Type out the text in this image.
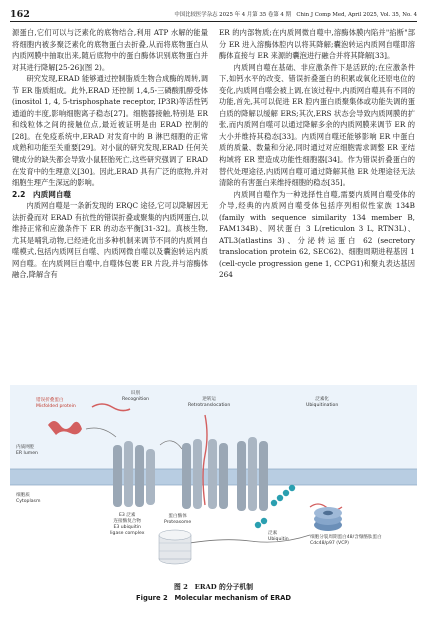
162	中国比较医学杂志 2025 年 4 月第 35 卷第 4 期　Chin J Comp Med, April 2025, Vol. 35, No. 4

源蛋白,它们可以与泛素化的底物结合,利用 ATP 水解的能量将细胞内被多聚泛素化的底物蛋白去折叠,从而将底物蛋白从内质网膜中抽取出来,随后底物中的蛋白酶体识别底物蛋白并对其进行降解[25-26](图 2)。

研究发现,ERAD 能够通过控制脂质生物合成酶的周转,调节 ER 脂质组成。此外,ERAD 还控制 1,4,5-三磷酸肌醇受体(inositol 1, 4, 5-trisphosphate receptor, IP3R)等活性钙通道的丰度,影响细胞离子稳态[27]。细胞器接触,特别是 ER 和线粒体之间的接触位点,最近被证明是由 ERAD 控制的[28]。在免疫系统中,ERAD 对发育中的 B 淋巴细胞的正常成熟和功能至关重要[29]。对小鼠的研究发现,ERAD 任何关键成分的缺失都会导致小鼠胚胎死亡,这些研究强调了 ERAD 在发育中的生理意义[30]。因此,ERAD 具有广泛的底物,并对细胞生理产生深远的影响。

2.2　内质网自噬

内质网自噬是一条新发现的 ERQC 途径,它可以降解因无法折叠而对 ERAD 有抗性的错误折叠或聚集的内质网蛋白,以维持正常和应激条件下 ER 的动态平衡[31-32]。真核生物,尤其是哺乳动物,已经进化出多种机制来调节不同的内质网自噬模式,包括内质网巨自噬、内质网微自噬以及囊泡转运内质网自噬。在内质网巨自噬中,自噬体包裹 ER 片段,并与溶酶体融合,降解含有

ER 的内部物质;在内质网微自噬中,溶酶体膜内陷并"掐断"部分 ER 进入溶酶体腔内以将其降解;囊泡转运内质网自噬即溶酶体直接与 ER 来源的囊泡进行融合并将其降解[33]。

内质网自噬在基础、非应激条件下是活跃的;在应激条件下,如钙水平的改变、错误折叠蛋白的积累或氧化还原电位的变化,内质网自噬会被上调,在该过程中,内质网自噬具有不同的功能,首先,其可以促进 ER 腔内蛋白质聚集体或功能失调的蛋白质的降解以缓解 ERS;其次,ERS 状态会导致内质网膜的扩张,而内质网自噬可以通过降解多余的内质网膜来调节 ER 的大小并维持其稳态[33]。内质网自噬还能够影响 ER 中蛋白质的质量、数量和分泌,同时通过对应细胞需求调整 ER 亚结构域将 ER 塑造成功能性细胞器[34]。作为错误折叠蛋白的替代处理途径,内质网自噬可通过降解其他 ER 处理途径无法清除的有害蛋白来维持细胞的稳态[35]。

内质网自噬作为一种选择性自噬,需要内质网自噬受体的介导,经典的内质网自噬受体包括序列相似性家族 134B (family with sequence similarity 134 member B, FAM134B)、网状蛋白 3 L(reticulon 3 L, RTN3L)、ATL3(atlastins 3)、分泌转运蛋白 62 (secretory translocation protein 62, SEC62)、细胞周期进程基因 1 (cell-cycle progression gene 1, CCPG1)和聚丸表达基因 264

错误折叠蛋白
Misfolded protein
内质网腔
ER lumen
细胞质
Cytoplasm
识别
Recognition
E3 泛素
连接酶复合物
E3 ubiquitin
ligase complex
逆转运
Retrotranslocation
泛素化
Ubiquitination
泛素
Ubiquitin	细胞分裂周期蛋白48/含缬酪肽蛋白
Cdc48/p97 (VCP)
蛋白酶体
Proteasome
图 2　ERAD 的分子机制
Figure 2　Molecular mechanism of ERAD
